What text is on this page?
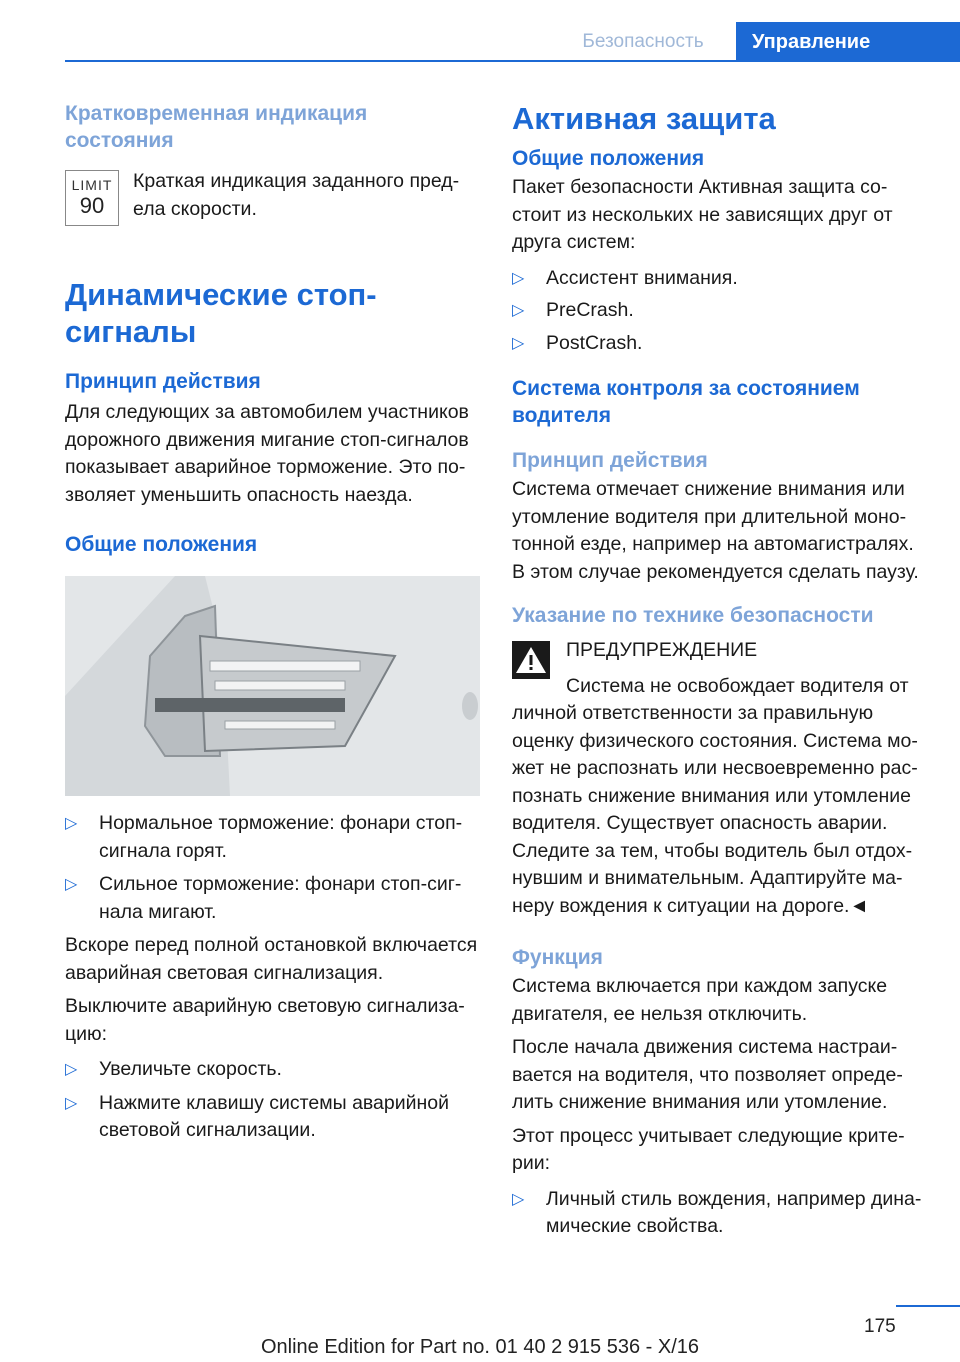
Безопасность	Управление
Кратковременная индикация состояния
LIMIT
90

Краткая индикация заданного предела скорости.

Динамические стоп-сигналы
Принцип действия

Для следующих за автомобилем участников дорожного движения мигание стоп-сигналов показывает аварийное торможение. Это позволяет уменьшить опасность наезда.

Общие положения
▷	Нормальное торможение: фонари стоп-сигнала горят.
▷	Сильное торможение: фонари стоп-сигнала мигают.

Вскоре перед полной остановкой включается аварийная световая сигнализация.

Выключите аварийную световую сигнализацию:

▷	Увеличьте скорость.
▷	Нажмите клавишу системы аварийной световой сигнализации.
Активная защита
Общие положения

Пакет безопасности Активная защита состоит из нескольких не зависящих друг от друга систем:

▷	Ассистент внимания.
▷	PreCrash.
▷	PostCrash.
Система контроля за состоянием водителя
Принцип действия

Система отмечает снижение внимания или утомление водителя при длительной монотонной езде, например на автомагистралях. В этом случае рекомендуется сделать паузу.

Указание по технике безопасности

ПРЕДУПРЕЖДЕНИЕ

Система не освобождает водителя от

личной ответственности за правильную оценку физического состояния. Система может не распознать или несвоевременно распознать снижение внимания или утомление водителя. Существует опасность аварии. Следите за тем, чтобы водитель был отдохнувшим и внимательным. Адаптируйте манеру вождения к ситуации на дороге.◄

Функция

Система включается при каждом запуске двигателя, ее нельзя отключить.

После начала движения система настраивается на водителя, что позволяет определить снижение внимания или утомление.

Этот процесс учитывает следующие критерии:

▷	Личный стиль вождения, например динамические свойства.
175
Online Edition for Part no. 01 40 2 915 536 - X/16
